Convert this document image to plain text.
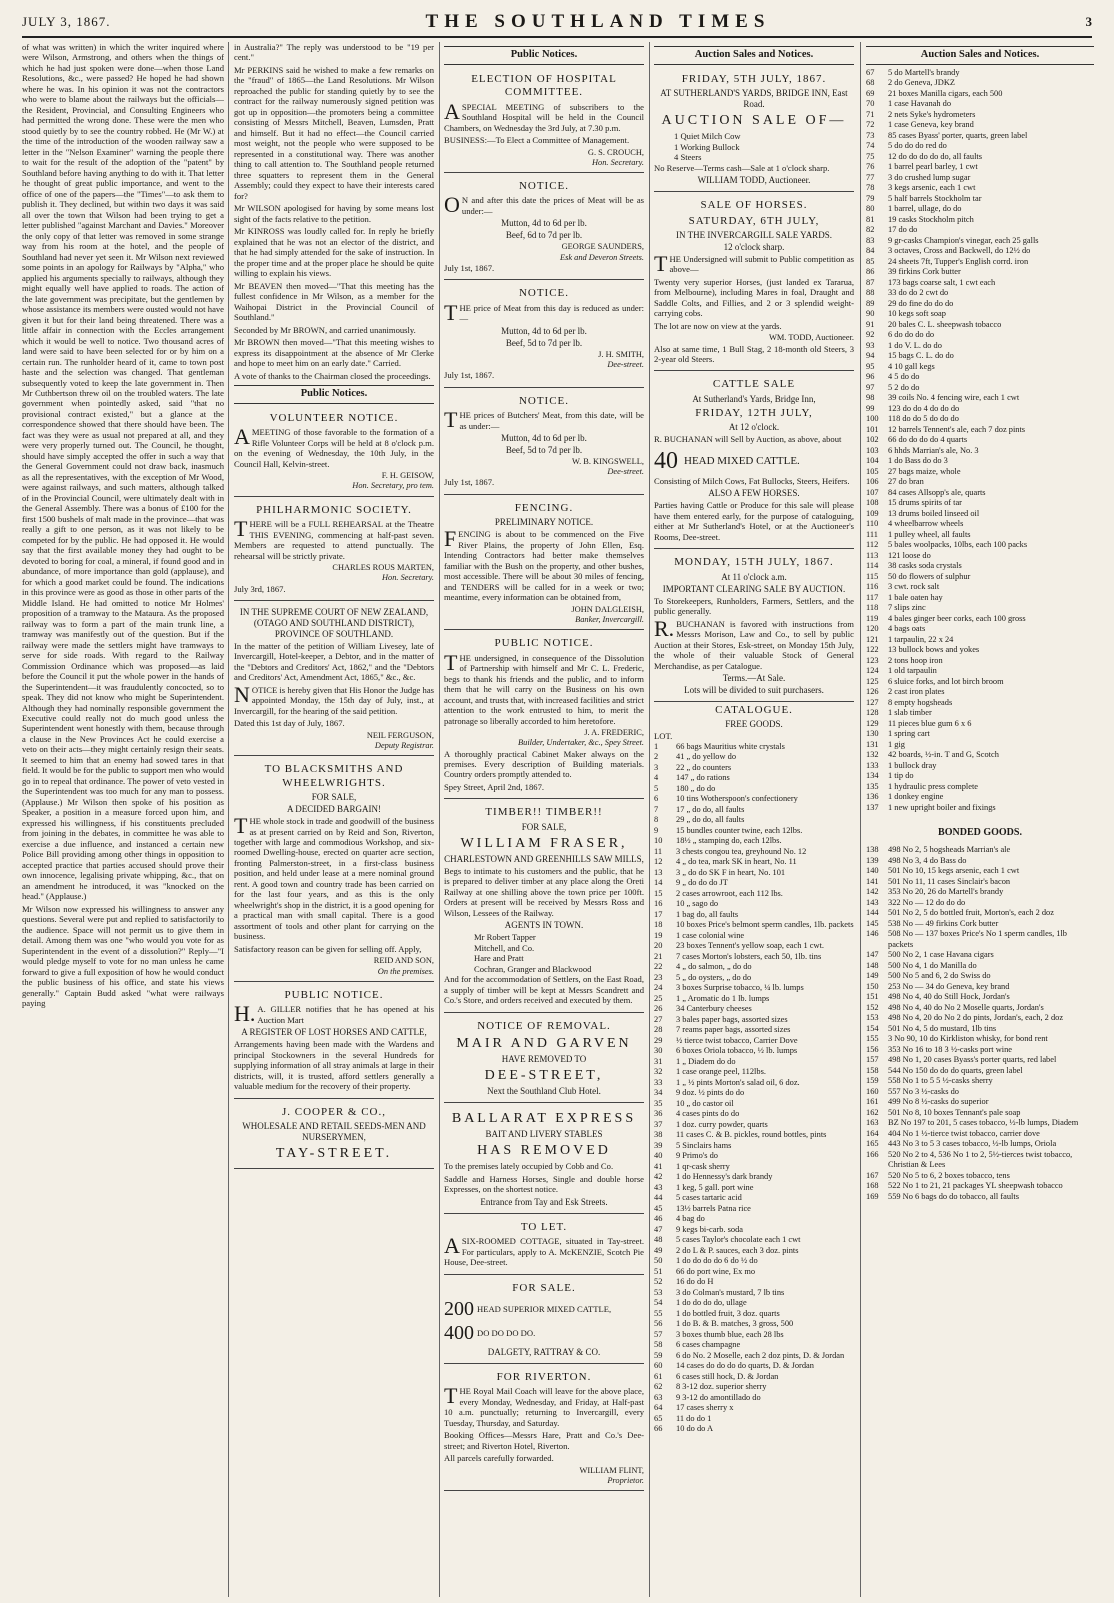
JULY 3, 1867.	THE SOUTHLAND TIMES	3

of what was written) in which the writer inquired where were Wilson, Armstrong, and others when the things of which he had just spoken were done—when those Land Resolutions, &c., were passed? He hoped he had shown where he was. In his opinion it was not the contractors who were to blame about the railways but the officials—the Resident, Provincial, and Consulting Engineers who had permitted the wrong done. These were the men who stood quietly by to see the country robbed. He (Mr W.) at the time of the introduction of the wooden railway saw a letter in the "Nelson Examiner" warning the people there to wait for the result of the adoption of the "patent" by Southland before having anything to do with it. That letter he thought of great public importance, and went to the office of one of the papers—the "Times"—to ask them to publish it. They declined, but within two days it was said all over the town that Wilson had been trying to get a letter published "against Marchant and Davies." Moreover the only copy of that letter was removed in some strange way from his room at the hotel, and the people of Southland had never yet seen it. Mr Wilson next reviewed some points in an apology for Railways by "Alpha," who applied his arguments specially to railways, although they might equally well have applied to roads. The action of the late government was precipitate, but the gentlemen by whose assistance its members were ousted would not have given it but for their land being threatened. There was a little affair in connection with the Eccles arrangement which it would be well to notice. Two thousand acres of land were said to have been selected for or by him on a certain run. The runholder heard of it, came to town post haste and the selection was changed. That gentleman subsequently voted to keep the late government in. Then Mr Cuthbertson threw oil on the troubled waters. The late government when pointedly asked, said "that no provisional contract existed," but a glance at the correspondence showed that there should have been. The fact was they were as usual not prepared at all, and they were very properly turned out. The Council, he thought, should have simply accepted the offer in such a way that the General Government could not draw back, inasmuch as all the representatives, with the exception of Mr Wood, were against railways, and such matters, although talked of in the Provincial Council, were ultimately dealt with in the General Assembly. There was a bonus of £100 for the first 1500 bushels of malt made in the province—that was really a gift to one person, as it was not likely to be competed for by the public. He had opposed it. He would say that the first available money they had ought to be devoted to boring for coal, a mineral, if found good and in abundance, of more importance than gold (applause), and for which a good market could be found. The indications in this province were as good as those in other parts of the Middle Island. He had omitted to notice Mr Holmes' proposition of a tramway to the Mataura. As the proposed railway was to form a part of the main trunk line, a tramway was manifestly out of the question. But if the railway were made the settlers might have tramways to serve for side roads. With regard to the Railway Commission Ordinance which was proposed—as laid before the Council it put the whole power in the hands of the Superintendent—it was fraudulently concocted, so to speak. They did not know who might be Superintendent. Although they had nominally responsible government the Executive could really not do much good unless the Superintendent went honestly with them, because through a clause in the New Provinces Act he could exercise a veto on their acts—they might certainly resign their seats. It seemed to him that an enemy had sowed tares in that field. It would be for the public to support men who would go in to repeal that ordinance. The power of veto vested in the Superintendent was too much for any man to possess. (Applause.) Mr Wilson then spoke of his position as Speaker, a position in a measure forced upon him, and expressed his willingness, if his constituents precluded from joining in the debates, in committee he was able to exercise a due influence, and instanced a certain new Police Bill providing among other things in opposition to accepted practice that parties accused should prove their own innocence, legalising private whipping, &c., that on an amendment he introduced, it was "knocked on the head." (Applause.)

Mr Wilson now expressed his willingness to answer any questions. Several were put and replied to satisfactorily to the audience. Space will not permit us to give them in detail. Among them was one "who would you vote for as Superintendent in the event of a dissolution?" Reply—"I would pledge myself to vote for no man unless he came forward to give a full exposition of how he would conduct the public business of his office, and state his views generally." Captain Budd asked "what were railways paying

in Australia?" The reply was understood to be "19 per cent."

Mr PERKINS said he wished to make a few remarks on the "fraud" of 1865—the Land Resolutions. Mr Wilson reproached the public for standing quietly by to see the contract for the railway numerously signed petition was got up in opposition—the promoters being a committee consisting of Messrs Mitchell, Beaven, Lumsden, Pratt and himself. But it had no effect—the Council carried most weight, not the people who were supposed to be represented in a constitutional way. There was another thing to call attention to. The Southland people returned three squatters to represent them in the General Assembly; could they expect to have their interests cared for?

Mr WILSON apologised for having by some means lost sight of the facts relative to the petition.

Mr KINROSS was loudly called for. In reply he briefly explained that he was not an elector of the district, and that he had simply attended for the sake of instruction. In the proper time and at the proper place he should be quite willing to explain his views.

Mr BEAVEN then moved—"That this meeting has the fullest confidence in Mr Wilson, as a member for the Waihopai District in the Provincial Council of Southland."

Seconded by Mr BROWN, and carried unanimously.

Mr BROWN then moved—"That this meeting wishes to express its disappointment at the absence of Mr Clerke and hope to meet him on an early date." Carried.

A vote of thanks to the Chairman closed the proceedings.

Public Notices.
VOLUNTEER NOTICE.

AMEETING of those favorable to the formation of a Rifle Volunteer Corps will be held at 8 o'clock p.m. on the evening of Wednesday, the 10th July, in the Council Hall, Kelvin-street.

F. H. GEISOW,
Hon. Secretary, pro tem.
PHILHARMONIC SOCIETY.

THERE will be a FULL REHEARSAL at the Theatre THIS EVENING, commencing at half-past seven. Members are requested to attend punctually. The rehearsal will be strictly private.

CHARLES ROUS MARTEN,
Hon. Secretary.

July 3rd, 1867.

IN THE SUPREME COURT OF NEW ZEALAND, (OTAGO AND SOUTHLAND DISTRICT), PROVINCE OF SOUTHLAND.

In the matter of the petition of William Livesey, late of Invercargill, Hotel-keeper, a Debtor, and in the matter of the "Debtors and Creditors' Act, 1862," and the "Debtors and Creditors' Act, Amendment Act, 1865," &c., &c.

NOTICE is hereby given that His Honor the Judge has appointed Monday, the 15th day of July, inst., at Invercargill, for the hearing of the said petition.

Dated this 1st day of July, 1867.

NEIL FERGUSON,
Deputy Registrar.
TO BLACKSMITHS AND WHEELWRIGHTS.
FOR SALE,
A DECIDED BARGAIN!

THE whole stock in trade and goodwill of the business as at present carried on by Reid and Son, Riverton, together with large and commodious Workshop, and six-roomed Dwelling-house, erected on quarter acre section, fronting Palmerston-street, in a first-class business position, and held under lease at a mere nominal ground rent. A good town and country trade has been carried on for the last four years, and as this is the only wheelwright's shop in the district, it is a good opening for a practical man with small capital. There is a good assortment of tools and other plant for carrying on the business.

Satisfactory reason can be given for selling off. Apply,

REID AND SON,
On the premises.
PUBLIC NOTICE.

H.A. GILLER notifies that he has opened at his Auction Mart

A REGISTER OF LOST HORSES AND CATTLE,

Arrangements having been made with the Wardens and principal Stockowners in the several Hundreds for supplying information of all stray animals at large in their districts, will, it is trusted, afford settlers generally a valuable medium for the recovery of their property.

J. COOPER & CO.,
WHOLESALE AND RETAIL SEEDS-MEN AND NURSERYMEN,
TAY-STREET.
Public Notices.
ELECTION OF HOSPITAL COMMITTEE.

ASPECIAL MEETING of subscribers to the Southland Hospital will be held in the Council Chambers, on Wednesday the 3rd July, at 7.30 p.m.

BUSINESS:—To Elect a Committee of Management.

G. S. CROUCH,
Hon. Secretary.
NOTICE.

ON and after this date the prices of Meat will be as under:—

Mutton, 4d to 6d per lb.
Beef, 6d to 7d per lb.
GEORGE SAUNDERS,
Esk and Deveron Streets.

July 1st, 1867.

NOTICE.

THE price of Meat from this day is reduced as under:—

Mutton, 4d to 6d per lb.
Beef, 5d to 7d per lb.
J. H. SMITH,
Dee-street.

July 1st, 1867.

NOTICE.

THE prices of Butchers' Meat, from this date, will be as under:—

Mutton, 4d to 6d per lb.
Beef, 5d to 7d per lb.
W. B. KINGSWELL,
Dee-street.

July 1st, 1867.

FENCING.
PRELIMINARY NOTICE.

FENCING is about to be commenced on the Five River Plains, the property of John Ellen, Esq. Intending Contractors had better make themselves familiar with the Bush on the property, and other bushes, most accessible. There will be about 30 miles of fencing, and TENDERS will be called for in a week or two; meantime, every information can be obtained from,

JOHN DALGLEISH,
Banker, Invercargill.
PUBLIC NOTICE.

THE undersigned, in consequence of the Dissolution of Partnership with himself and Mr C. L. Frederic, begs to thank his friends and the public, and to inform them that he will carry on the Business on his own account, and trusts that, with increased facilities and strict attention to the work entrusted to him, to merit the patronage so liberally accorded to him heretofore.

J. A. FREDERIC,
Builder, Undertaker, &c., Spey Street.

A thoroughly practical Cabinet Maker always on the premises. Every description of Building materials. Country orders promptly attended to.

Spey Street, April 2nd, 1867.

TIMBER!! TIMBER!!
FOR SALE,
WILLIAM FRASER,
CHARLESTOWN AND GREENHILLS SAW MILLS,

Begs to intimate to his customers and the public, that he is prepared to deliver timber at any place along the Oreti Railway at one shilling above the town price per 100ft. Orders at present will be received by Messrs Ross and Wilson, Lessees of the Railway.

AGENTS IN TOWN.
Mr Robert Tapper
Mitchell, and Co.
Hare and Pratt
Cochran, Granger and Blackwood

And for the accommodation of Settlers, on the East Road, a supply of timber will be kept at Messrs Scandrett and Co.'s Store, and orders received and executed by them.

NOTICE OF REMOVAL.
MAIR AND GARVEN
HAVE REMOVED TO
DEE-STREET,
Next the Southland Club Hotel.
BALLARAT EXPRESS
BAIT AND LIVERY STABLES
HAS REMOVED

To the premises lately occupied by Cobb and Co.

Saddle and Harness Horses, Single and double horse Expresses, on the shortest notice.

Entrance from Tay and Esk Streets.
TO LET.

ASIX-ROOMED COTTAGE, situated in Tay-street. For particulars, apply to A. McKENZIE, Scotch Pie House, Dee-street.

FOR SALE.
200 HEAD SUPERIOR MIXED CATTLE,
400 DO DO DO DO.
DALGETY, RATTRAY & CO.
FOR RIVERTON.

THE Royal Mail Coach will leave for the above place, every Monday, Wednesday, and Friday, at Half-past 10 a.m. punctually; returning to Invercargill, every Tuesday, Thursday, and Saturday.

Booking Offices—Messrs Hare, Pratt and Co.'s Dee-street; and Riverton Hotel, Riverton.

All parcels carefully forwarded.

WILLIAM FLINT,
Proprietor.
Auction Sales and Notices.
FRIDAY, 5TH JULY, 1867.
AT SUTHERLAND'S YARDS, BRIDGE INN, East Road.
AUCTION SALE OF—
1 Quiet Milch Cow
1 Working Bullock
4 Steers

No Reserve—Terms cash—Sale at 1 o'clock sharp.

WILLIAM TODD, Auctioneer.
SALE OF HORSES.
SATURDAY, 6TH JULY,
IN THE INVERCARGILL SALE YARDS.
12 o'clock sharp.

THE Undersigned will submit to Public competition as above—

Twenty very superior Horses, (just landed ex Tararua, from Melbourne), including Mares in foal, Draught and Saddle Colts, and Fillies, and 2 or 3 splendid weight-carrying cobs.

The lot are now on view at the yards.

WM. TODD, Auctioneer.

Also at same time, 1 Bull Stag, 2 18-month old Steers, 3 2-year old Steers.

CATTLE SALE
At Sutherland's Yards, Bridge Inn,
FRIDAY, 12TH JULY,
At 12 o'clock.

R. BUCHANAN will Sell by Auction, as above, about

40 HEAD MIXED CATTLE.

Consisting of Milch Cows, Fat Bullocks, Steers, Heifers.

ALSO A FEW HORSES.

Parties having Cattle or Produce for this sale will please have them entered early, for the purpose of cataloguing, either at Mr Sutherland's Hotel, or at the Auctioneer's Rooms, Dee-street.

MONDAY, 15TH JULY, 1867.
At 11 o'clock a.m.
IMPORTANT CLEARING SALE BY AUCTION.

To Storekeepers, Runholders, Farmers, Settlers, and the public generally.

R.BUCHANAN is favored with instructions from Messrs Morison, Law and Co., to sell by public Auction at their Stores, Esk-street, on Monday 15th July, the whole of their valuable Stock of General Merchandise, as per Catalogue.

Terms.—At Sale.
Lots will be divided to suit purchasers.
CATALOGUE.
FREE GOODS.
LOT.
1	66 bags Mauritius white crystals
2	41 „ do yellow do
3	22 „ do counters
4	147 „ do rations
5	180 „ do do
6	10 tins Wotherspoon's confectionery
7	17 „ do do, all faults
8	29 „ do do, all faults
9	15 bundles counter twine, each 12lbs.
10	18½ „ stamping do, each 12lbs.
11	3 chests congou tea, greyhound No. 12
12	4 „ do tea, mark SK in heart, No. 11
13	3 „ do do SK F in heart, No. 101
14	9 „ do do do JT
15	2 cases arrowroot, each 112 lbs.
16	10 „ sago do
17	1 bag do, all faults
18	10 boxes Price's belmont sperm candles, 1lb. packets
19	1 case colonial wine
20	23 boxes Tennent's yellow soap, each 1 cwt.
21	7 cases Morton's lobsters, each 50, 1lb. tins
22	4 „ do salmon, „ do do
23	5 „ do oysters, „ do do
24	3 boxes Surprise tobacco, ¼ lb. lumps
25	1 „ Aromatic do 1 lb. lumps
26	34 Canterbury cheeses
27	3 bales paper bags, assorted sizes
28	7 reams paper bags, assorted sizes
29	½ tierce twist tobacco, Carrier Dove
30	6 boxes Oriola tobacco, ½ lb. lumps
31	1 „ Diadem do do
32	1 case orange peel, 112lbs.
33	1 „ ½ pints Morton's salad oil, 6 doz.
34	9 doz. ½ pints do do
35	10 „ do castor oil
36	4 cases pints do do
37	1 doz. curry powder, quarts
38	11 cases C. & B. pickles, round bottles, pints
39	5 Sinclairs hams
40	9 Primo's do
41	1 qr-cask sherry
42	1 do Hennessy's dark brandy
43	1 keg, 5 gall. port wine
44	5 cases tartaric acid
45	13½ barrels Patna rice
46	4 bag do
47	9 kegs bi-carb. soda
48	5 cases Taylor's chocolate each 1 cwt
49	2 do L & P. sauces, each 3 doz. pints
50	1 do do do do 6 do ½ do
51	66 do port wine, Ex mo
52	16 do do H
53	3 do Colman's mustard, 7 lb tins
54	1 do do do do, ullage
55	1 do bottled fruit, 3 doz. quarts
56	1 do B. & B. matches, 3 gross, 500
57	3 boxes thumb blue, each 28 lbs
58	6 cases champagne
59	6 do No. 2 Moselle, each 2 doz pints, D. & Jordan
60	14 cases do do do do quarts, D. & Jordan
61	6 cases still hock, D. & Jordan
62	8 3-12 doz. superior sherry
63	9 3-12 do amontillado do
64	17 cases sherry x
65	11 do do 1
66	10 do do A
Auction Sales and Notices.
67	5 do Martell's brandy
68	2 do Geneva, JDKZ
69	21 boxes Manilla cigars, each 500
70	1 case Havanah do
71	2 nets Syke's hydrometers
72	1 case Geneva, key brand
73	85 cases Byass' porter, quarts, green label
74	5 do do do red do
75	12 do do do do do, all faults
76	1 barrel pearl barley, 1 cwt
77	3 do crushed lump sugar
78	3 kegs arsenic, each 1 cwt
79	5 half barrels Stockholm tar
80	1 barrel, ullage, do do
81	19 casks Stockholm pitch
82	17 do do
83	9 gr-casks Champion's vinegar, each 25 galls
84	3 octaves, Cross and Backwell, do 12½ do
85	24 sheets 7ft, Tupper's English corrd. iron
86	39 firkins Cork butter
87	173 bags coarse salt, 1 cwt each
88	33 do do 2 cwt do
89	29 do fine do do do
90	10 kegs soft soap
91	20 bales C. L. sheepwash tobacco
92	6 do do do do
93	1 do V. L. do do
94	15 bags C. L. do do
95	4 10 gall kegs
96	4 5 do do
97	5 2 do do
98	39 coils No. 4 fencing wire, each 1 cwt
99	123 do do 4 do do do
100	118 do do 5 do do do
101	12 barrels Tennent's ale, each 7 doz pints
102	66 do do do do 4 quarts
103	6 hhds Marrian's ale, No. 3
104	1 do Bass do do 3
105	27 bags maize, whole
106	27 do bran
107	84 cases Allsopp's ale, quarts
108	15 drums spirits of tar
109	13 drums boiled linseed oil
110	4 wheelbarrow wheels
111	1 pulley wheel, all faults
112	5 bales woolpacks, 10lbs, each 100 packs
113	121 loose do
114	38 casks soda crystals
115	50 do flowers of sulphur
116	3 cwt. rock salt
117	1 bale oaten hay
118	7 slips zinc
119	4 bales ginger beer corks, each 100 gross
120	4 bags oats
121	1 tarpaulin, 22 x 24
122	13 bullock bows and yokes
123	2 tons hoop iron
124	1 old tarpaulin
125	6 sluice forks, and lot birch broom
126	2 cast iron plates
127	8 empty hogsheads
128	1 slab timber
129	11 pieces blue gum 6 x 6
130	1 spring cart
131	1 gig
132	42 boards, ½-in. T and G, Scotch
133	1 bullock dray
134	1 tip do
135	1 hydraulic press complete
136	1 donkey engine
137	1 new upright boiler and fixings
BONDED GOODS.
138	498 No 2, 5 hogsheads Marrian's ale
139	498 No 3, 4 do Bass do
140	501 No 10, 15 kegs arsenic, each 1 cwt
141	501 No 11, 11 cases Sinclair's bacon
142	353 No 20, 26 do Martell's brandy
143	322 No — 12 do do do
144	501 No 2, 5 do bottled fruit, Morton's, each 2 doz
145	538 No — 49 firkins Cork butter
146	508 No — 137 boxes Price's No 1 sperm candles, 1lb packets
147	500 No 2, 1 case Havana cigars
148	500 No 4, 1 do Manilla do
149	500 No 5 and 6, 2 do Swiss do
150	253 No — 34 do Geneva, key brand
151	498 No 4, 40 do Still Hock, Jordan's
152	498 No 4, 40 do No 2 Moselle quarts, Jordan's
153	498 No 4, 20 do No 2 do pints, Jordan's, each, 2 doz
154	501 No 4, 5 do mustard, 1lb tins
155	3 No 90, 10 do Kirkliston whisky, for bond rent
156	353 No 16 to 18 3 ½-casks port wine
157	498 No 1, 20 cases Byass's porter quarts, red label
158	544 No 150 do do do quarts, green label
159	558 No 1 to 5 5 ½-casks sherry
160	557 No 3 ½-casks do
161	499 No 8 ½-casks do superior
162	501 No 8, 10 boxes Tennant's pale soap
163	BZ No 197 to 201, 5 cases tobacco, ½-lb lumps, Diadem
164	404 No 1 ½-tierce twist tobacco, carrier dove
165	443 No 3 to 5 3 cases tobacco, ½-lb lumps, Oriola
166	520 No 2 to 4, 536 No 1 to 2, 5½-tierces twist tobacco, Christian & Lees
167	520 No 5 to 6, 2 boxes tobacco, tens
168	522 No 1 to 21, 21 packages YL sheepwash tobacco
169	559 No 6 bags do do tobacco, all faults
